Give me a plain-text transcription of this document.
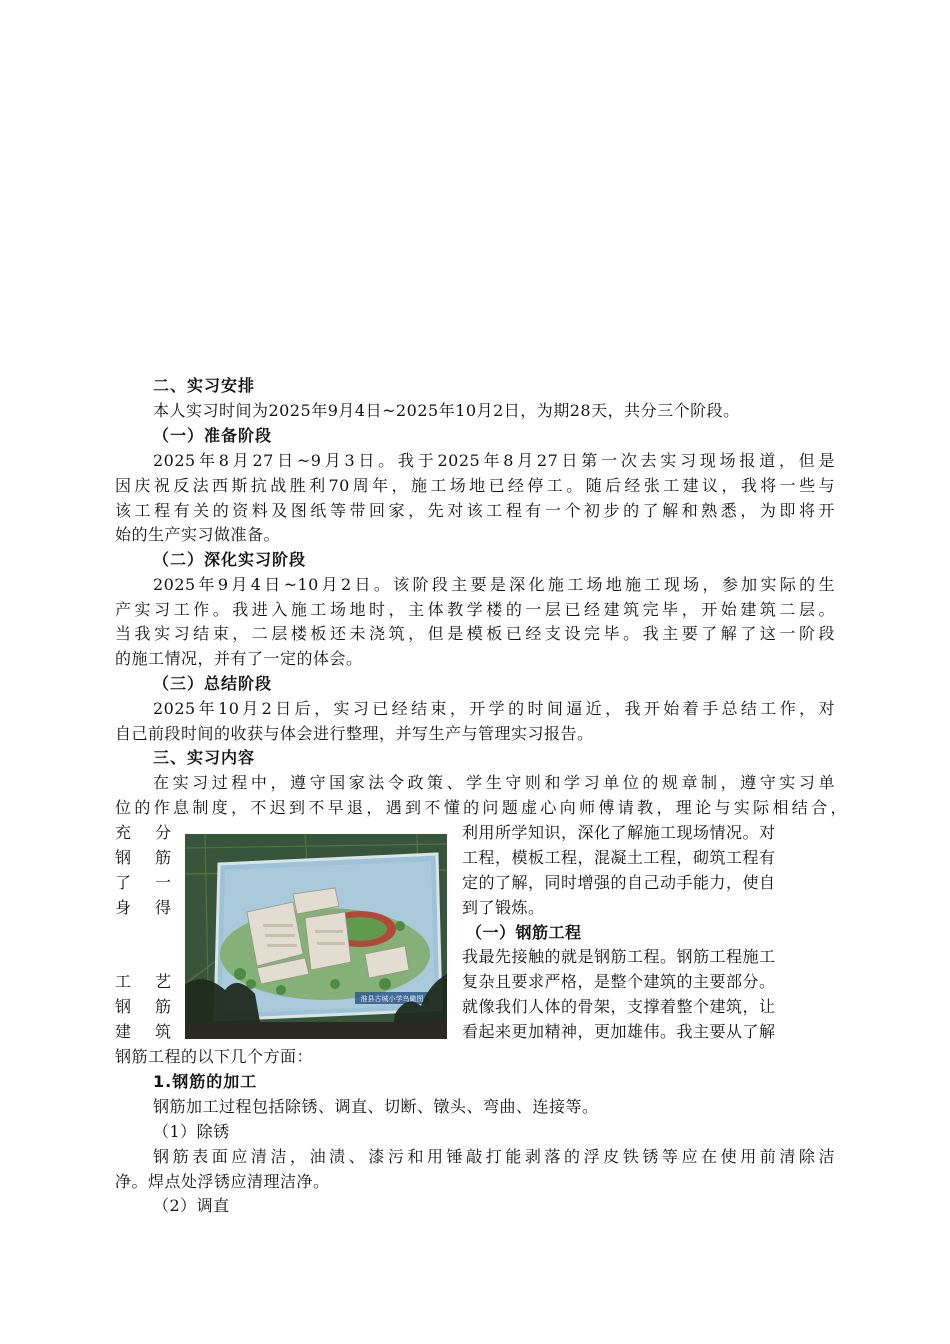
二、实习安排
本人实习时间为2025年9月4日~2025年10月2日，为期28天，共分三个阶段。
（一）准备阶段
2025年8月27日~9月3日。我于2025年8月27日第一次去实习现场报道，但是
因庆祝反法西斯抗战胜利70周年，施工场地已经停工。随后经张工建议，我将一些与
该工程有关的资料及图纸等带回家，先对该工程有一个初步的了解和熟悉，为即将开
始的生产实习做准备。
（二）深化实习阶段
2025年9月4日~10月2日。该阶段主要是深化施工场地施工现场，参加实际的生
产实习工作。我进入施工场地时，主体教学楼的一层已经建筑完毕，开始建筑二层。
当我实习结束，二层楼板还未浇筑，但是模板已经支设完毕。我主要了解了这一阶段
的施工情况，并有了一定的体会。
（三）总结阶段
2025年10月2日后，实习已经结束，开学的时间逼近，我开始着手总结工作，对
自己前段时间的收获与体会进行整理，并写生产与管理实习报告。
三、实习内容
在实习过程中，遵守国家法令政策、学生守则和学习单位的规章制，遵守实习单
位的作息制度，不迟到不早退，遇到不懂的问题虚心向师傅请教，理论与实际相结合，
充分
钢筋
了一
身得
工艺
钢筋
建筑
利用所学知识，深化了解施工现场情况。对
工程，模板工程，混凝土工程，砌筑工程有
定的了解，同时增强的自己动手能力，使自
到了锻炼。
（一）钢筋工程
我最先接触的就是钢筋工程。钢筋工程施工
复杂且要求严格，是整个建筑的主要部分。
就像我们人体的骨架，支撑着整个建筑，让
看起来更加精神，更加雄伟。我主要从了解
钢筋工程的以下几个方面：
1.钢筋的加工
钢筋加工过程包括除锈、调直、切断、镦头、弯曲、连接等。
（1）除锈
钢筋表面应清洁，油渍、漆污和用锤敲打能剥落的浮皮铁锈等应在使用前清除洁
净。焊点处浮锈应清理洁净。
（2）调直
淮县古城小学鸟瞰图
